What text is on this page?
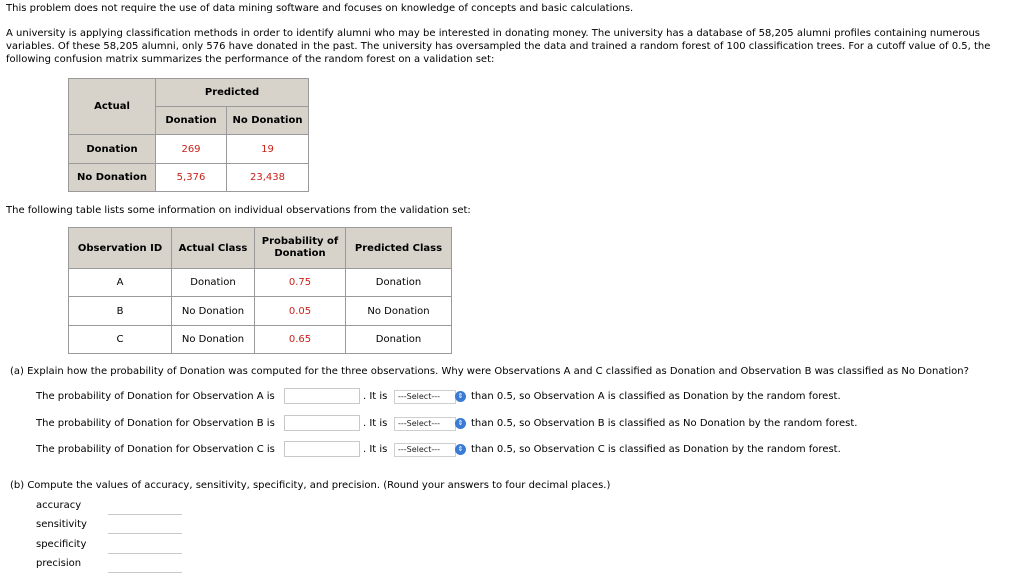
This problem does not require the use of data mining software and focuses on knowledge of concepts and basic calculations.
A university is applying classification methods in order to identify alumni who may be interested in donating money. The university has a database of 58,205 alumni profiles containing numerous variables. Of these 58,205 alumni, only 576 have donated in the past. The university has oversampled the data and trained a random forest of 100 classification trees. For a cutoff value of 0.5, the following confusion matrix summarizes the performance of the random forest on a validation set:
Actual	Predicted	
	Donation	No Donation
Donation	269	19
No Donation	5,376	23,438
The following table lists some information on individual observations from the validation set:
Observation ID	Actual Class	Probability of Donation	Predicted Class
A	Donation	0.75	Donation
B	No Donation	0.05	No Donation
C	No Donation	0.65	Donation
(a) Explain how the probability of Donation was computed for the three observations. Why were Observations A and C classified as Donation and Observation B was classified as No Donation?
The probability of Donation for Observation A is	. It is	---Select---	⇕ than 0.5, so Observation A is classified as Donation by the random forest.
The probability of Donation for Observation B is	. It is	---Select---	⇕ than 0.5, so Observation B is classified as No Donation by the random forest.
The probability of Donation for Observation C is	. It is	---Select---	⇕ than 0.5, so Observation C is classified as Donation by the random forest.
(b) Compute the values of accuracy, sensitivity, specificity, and precision. (Round your answers to four decimal places.)
accuracy
sensitivity
specificity
precision
